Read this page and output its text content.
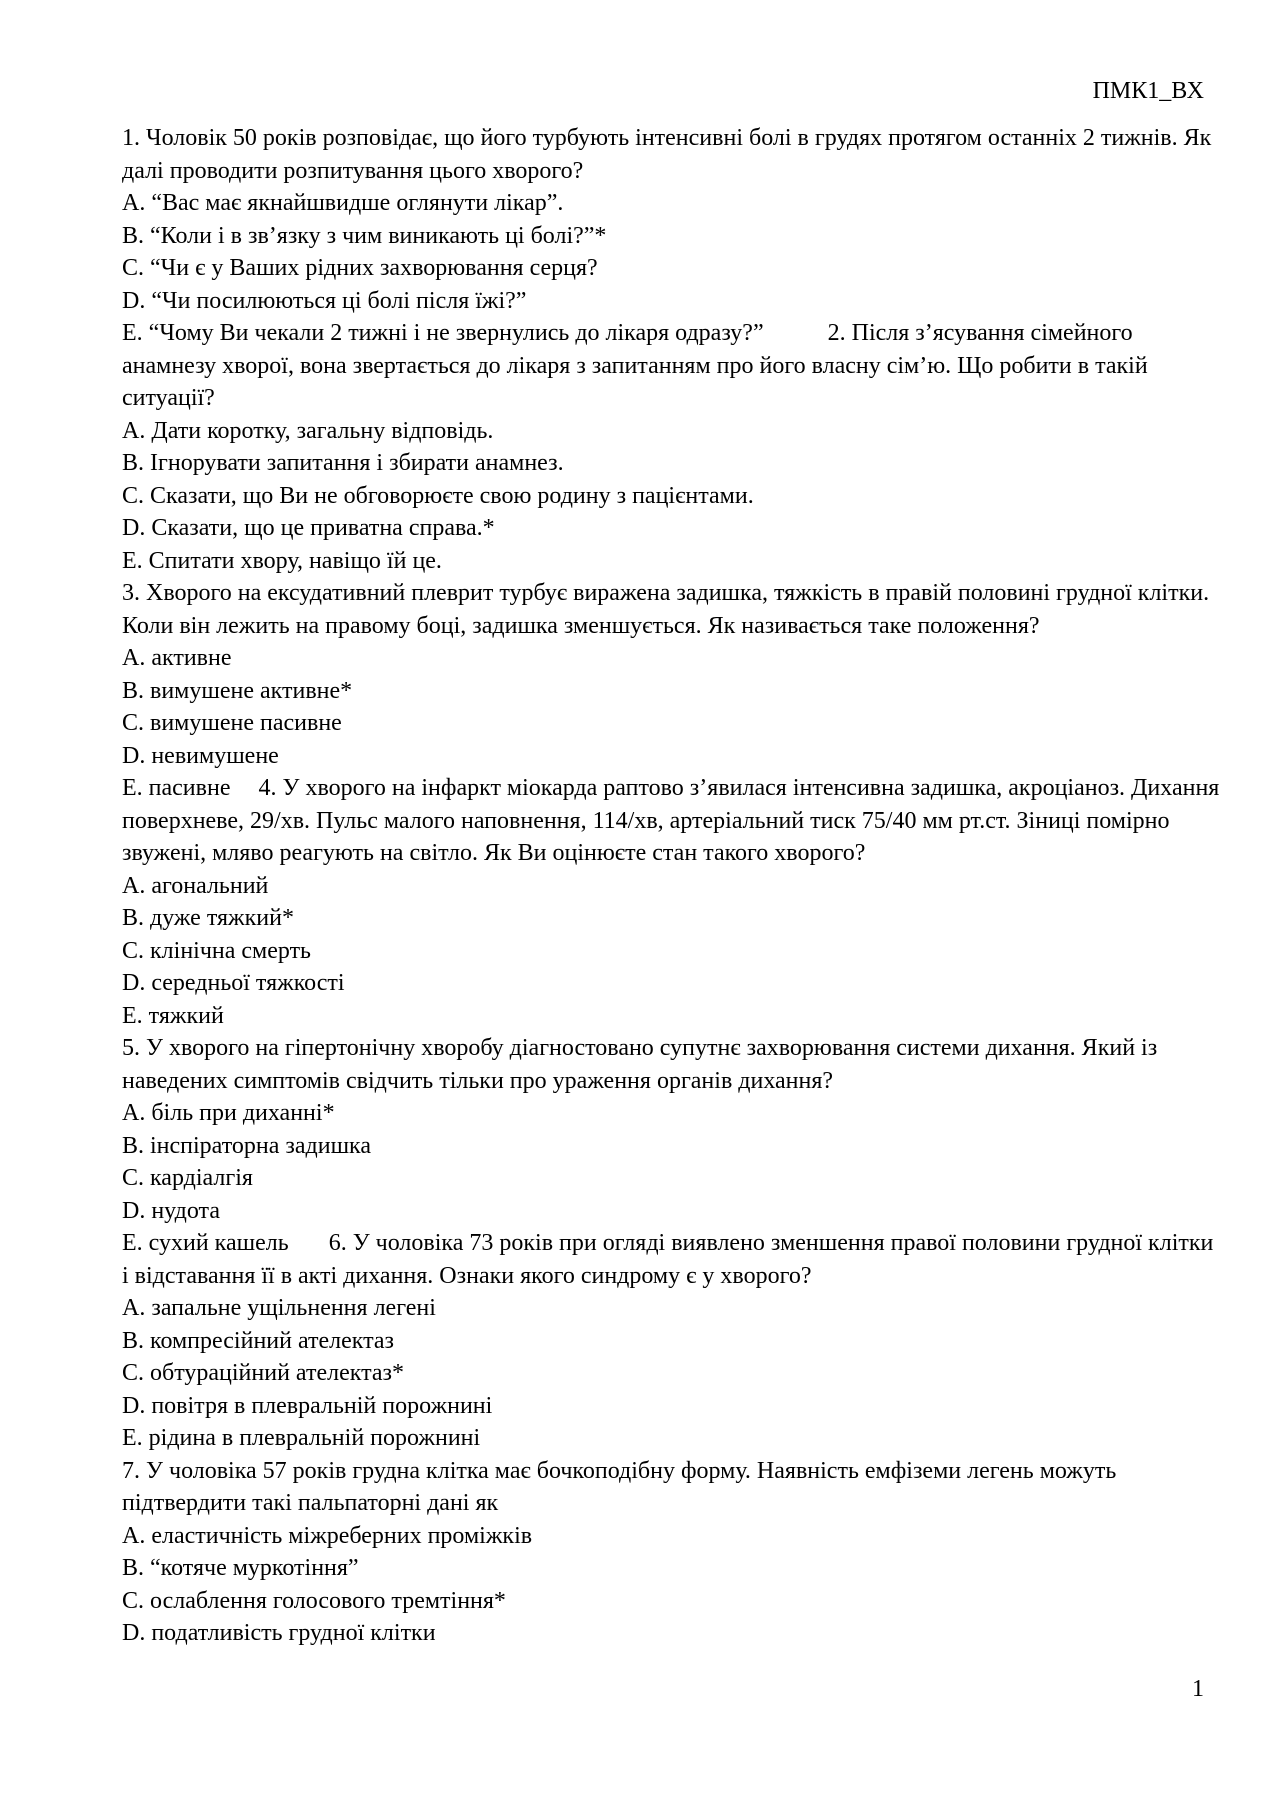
ПМК1_ВХ

1. Чоловік 50 років розповідає, що його турбують інтенсивні болі в грудях протягом останніх 2 тижнів. Як далі проводити розпитування цього хворого?

A. “Вас має якнайшвидше оглянути лікар”.

B. “Коли і в зв’язку з чим виникають ці болі?”*

C. “Чи є у Ваших рідних захворювання серця?

D. “Чи посилюються ці болі після їжі?”

E. “Чому Ви чекали 2 тижні і не звернулись до лікаря одразу?”	2. Після з’ясування сімейного анамнезу хворої, вона звертається до лікаря з запитанням про його власну сім’ю. Що робити в такій ситуації?

A. Дати коротку, загальну відповідь.

B. Ігнорувати запитання і збирати анамнез.

C. Сказати, що Ви не обговорюєте свою родину з пацієнтами.

D. Сказати, що це приватна справа.*

E. Спитати хвору, навіщо їй це.

3. Хворого на ексудативний плеврит турбує виражена задишка, тяжкість в правій половині грудної клітки. Коли він лежить на правому боці, задишка зменшується. Як називається таке положення?

A. активне

B. вимушене активне*

C. вимушене пасивне

D. невимушене

E. пасивне 4. У хворого на інфаркт міокарда раптово з’явилася інтенсивна задишка, акроціаноз. Дихання поверхневе, 29/хв. Пульс малого наповнення, 114/хв, артеріальний тиск 75/40 мм рт.ст. Зіниці помірно звужені, мляво реагують на світло. Як Ви оцінюєте стан такого хворого?

A. агональний

B. дуже тяжкий*

C. клінічна смерть

D. середньої тяжкості

E. тяжкий

5. У хворого на гіпертонічну хворобу діагностовано супутнє захворювання системи дихання. Який із наведених симптомів свідчить тільки про ураження органів дихання?

A. біль при диханні*

B. інспіраторна задишка

C. кардіалгія

D. нудота

E. сухий кашель 6. У чоловіка 73 років при огляді виявлено зменшення правої половини грудної клітки і відставання її в акті дихання. Ознаки якого синдрому є у хворого?

A. запальне ущільнення легені

B. компресійний ателектаз

C. обтураційний ателектаз*

D. повітря в плевральній порожнині

E. рідина в плевральній порожнині

7. У чоловіка 57 років грудна клітка має бочкоподібну форму. Наявність емфіземи легень можуть підтвердити такі пальпаторні дані як

A. еластичність міжреберних проміжків

B. “котяче муркотіння”

C. ослаблення голосового тремтіння*

D. податливість грудної клітки

1
